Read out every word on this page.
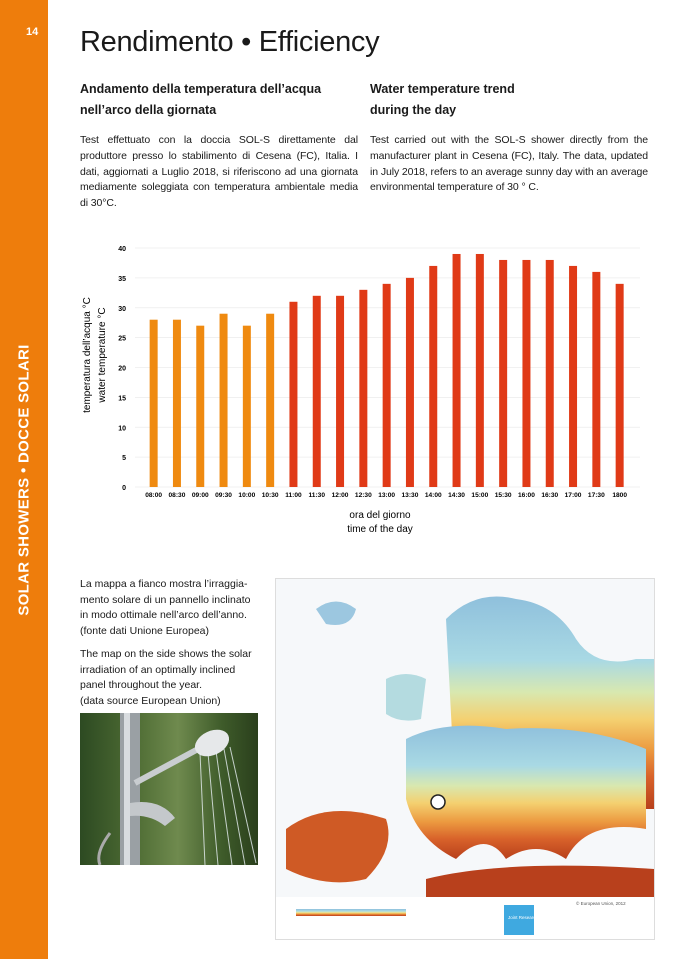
14
SOLAR SHOWERS • DOCCE SOLARI
Rendimento • Efficiency
Andamento della temperatura dell’acqua
nell’arco della giornata
Water temperature trend
during the day
Test effettuato con la doccia SOL-S direttamente dal produttore presso lo stabilimento di Cesena (FC), Italia. I dati, aggiornati a Luglio 2018, si riferiscono ad una giornata mediamente soleggiata con temperatura ambientale media di 30°C.
Test carried out with the SOL-S shower directly from the manufacturer plant in Cesena (FC), Italy. The data, updated in July 2018, refers to an average sunny day with an average environmental temperature of 30 ° C.
0
5
10
15
20
25
30
35
40
08:00 08:30 09:00 09:30 10:00 10:30 11:00 11:30 12:00 12:30 13:00 13:30 14:00 14:30 15:00 15:30 16:00 16:30 17:00 17:30 1800
ora del giorno
time of the day
temperatura dell’acqua °C water temperature °C
La mappa a fianco mostra l’irraggia-
mento solare di un pannello inclinato
in modo ottimale nell’arco dell’anno.
(fonte dati Unione Europea)
The map on the side shows the solar
irradiation of an optimally inclined
panel throughout the year.
(data source European Union)
Joint Research Centre
© European Union, 2012
